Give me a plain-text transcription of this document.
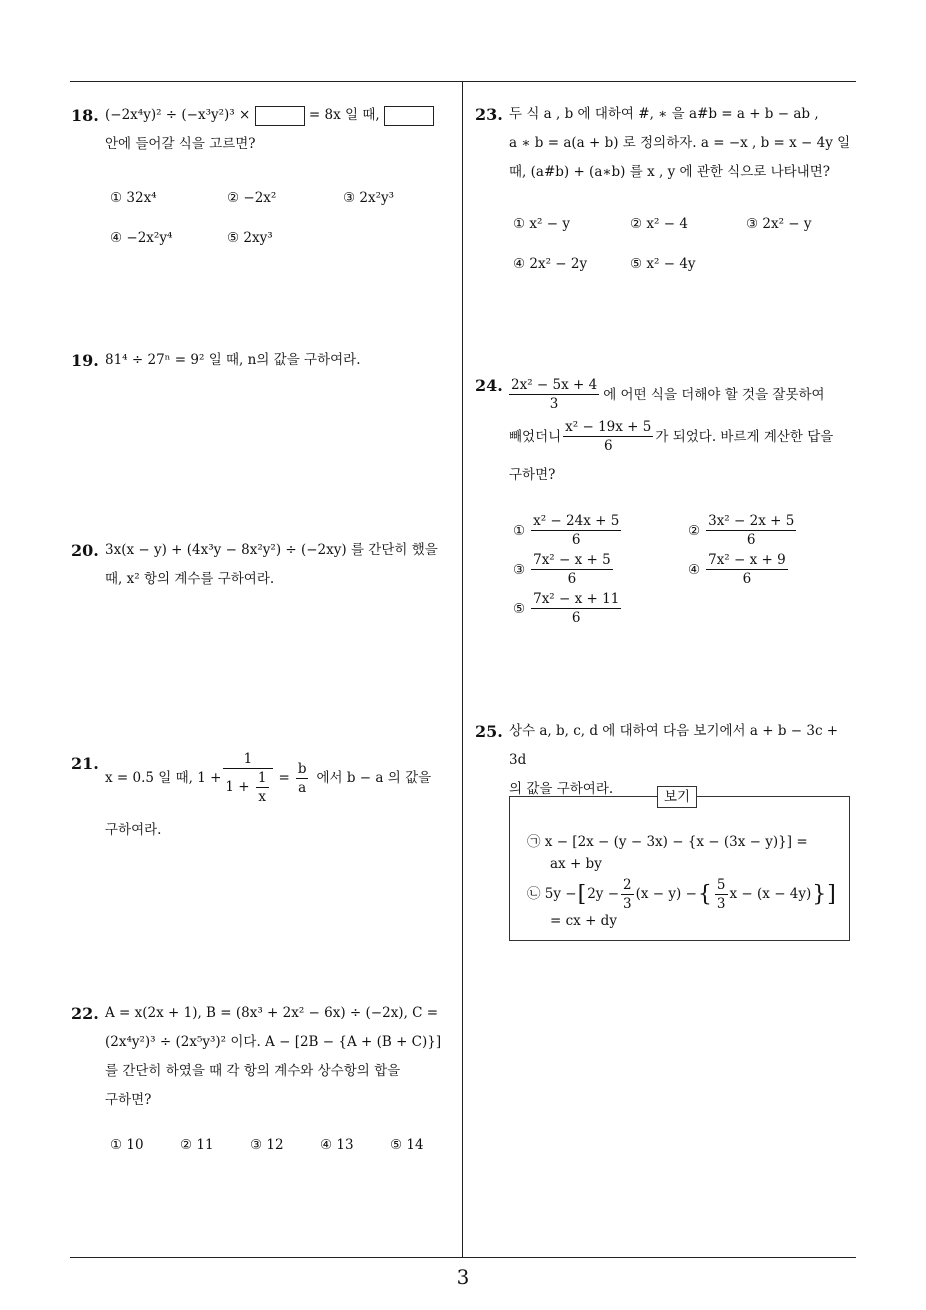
3
18. (−2x⁴y)² ÷ (−x³y²)³ ×	= 8x 일 때,
안에 들어갈 식을 고르면?
① 32x⁴	② −2x²	③ 2x²y³
④ −2x²y⁴	⑤ 2xy³
19. 81⁴ ÷ 27ⁿ = 9² 일 때, n의 값을 구하여라.
20. 3x(x − y) + (4x³y − 8x²y²) ÷ (−2xy) 를 간단히 했을
때, x² 항의 계수를 구하여라.
21.
x = 0.5̇ 일 때, $1 + \frac{1}{1 + \frac{1}{x}} = \frac{b}{a}$ 에서 b − a 의 값을
구하여라.
22. A = x(2x + 1), B = (8x³ + 2x² − 6x) ÷ (−2x), C =
(2x⁴y²)³ ÷ (2x⁵y³)² 이다. A − [2B − {A + (B + C)}]
를 간단히 하였을 때 각 항의 계수와 상수항의 합을
구하면?
① 10	② 11	③ 12	④ 13	⑤ 14
23. 두 식 a , b 에 대하여 #, ∗ 을 a#b = a + b − ab ,
a ∗ b = a(a + b) 로 정의하자. a = −x , b = x − 4y 일
때, (a#b) + (a∗b) 를 x , y 에 관한 식으로 나타내면?
① x² − y	② x² − 4	③ 2x² − y
④ 2x² − 2y	⑤ x² − 4y
24. $\frac{\text{2x² − 5x + 4}}{3}$ 에 어떤 식을 더해야 할 것을 잘못하여
빼었더니 $\frac{\text{x² − 19x + 5}}{6}$ 가 되었다. 바르게 계산한 답을
구하면?
① $\frac{\text{x² − 24x + 5}}{6}$	② $\frac{\text{3x² − 2x + 5}}{6}$
③ $\frac{\text{7x² − x + 5}}{6}$	④ $\frac{\text{7x² − x + 9}}{6}$
⑤ $\frac{\text{7x² − x + 11}}{6}$
25. 상수 a, b, c, d 에 대하여 다음 보기에서 a + b − 3c + 3d
의 값을 구하여라.	보기
㉠ x − [2x − (y − 3x) − {x − (3x − y)}] =
ax + by
㉡ 5y − [ $2y - \frac{2}{3} (x - y)$ − { $\frac{5}{3}$ x − (x − 4y) } ]
= cx + dy
